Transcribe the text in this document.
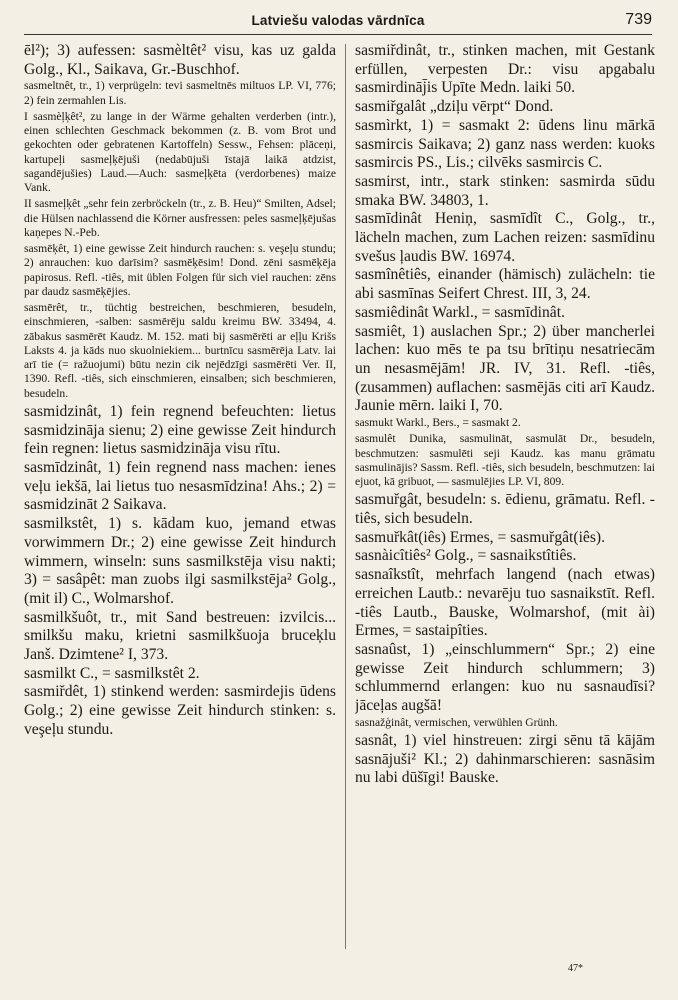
Latviešu valodas vārdnīca	739

ēl²); 3) aufessen: sasmèltêt² visu, kas uz galda Golg., Kl., Saikava, Gr.-Buschhof.

sasmeltnêt, tr., 1) verprügeln: tevi sasmeltnēs miltuos LP. VI, 776; 2) fein zermahlen Lis.

I sasmèļķêt², zu lange in der Wärme gehalten verderben (intr.), einen schlechten Geschmack bekommen (z. B. vom Brot und gekochten oder gebratenen Kartoffeln) Sessw., Fehsen: plāceņi, kartupeļi sasmeļķējuši (nedabūjuši īstajā laikā atdzist, sagandējušies) Laud.—Auch: sasmeļķēta (verdorbenes) maize Vank.

II sasmeļķêt „sehr fein zerbröckeln (tr., z. B. Heu)“ Smilten, Adsel; die Hülsen nachlassend die Körner ausfressen: peles sasmeļķējušas kaņepes N.-Peb.

sasmēķêt, 1) eine gewisse Zeit hindurch rauchen: s. veşeļu stundu; 2) anrauchen: kuo darīsim? sasmēķēsim! Dond. zēni sasmēķēja papirosus. Refl. -tiês, mit üblen Folgen für sich viel rauchen: zēns par daudz sasmēķējies.

sasmērêt, tr., tüchtig bestreichen, beschmieren, besudeln, einschmieren, -salben: sasmērēju saldu kreimu BW. 33494, 4. zābakus sasmērēt Kaudz. M. 152. mati bij sasmērēti ar eļļu Krišs Laksts 4. ja kāds nuo skuolniekiem... burtnīcu sasmērēja Latv. lai arī tie (= ražuojumi) būtu nezin cik nejēdzīgi sasmērēti Ver. II, 1390. Refl. -tiês, sich einschmieren, einsalben; sich beschmieren, besudeln.

sasmidzinât, 1) fein regnend befeuchten: lietus sasmidzināja sienu; 2) eine gewisse Zeit hindurch fein regnen: lietus sasmidzināja visu rītu.

sasmīdzinât, 1) fein regnend nass machen: ienes veļu iekšā, lai lietus tuo nesasmīdzina! Ahs.; 2) = sasmidzināt 2 Saikava.

sasmilkstêt, 1) s. kādam kuo, jemand etwas vorwimmern Dr.; 2) eine gewisse Zeit hindurch wimmern, winseln: suns sasmilkstēja visu nakti; 3) = sasâpêt: man zuobs ilgi sasmilkstēja² Golg., (mit il) C., Wolmarshof.

sasmilkšuôt, tr., mit Sand bestreuen: izvilcis... smilkšu maku, krietni sasmilkšuoja bruceķlu Janš. Dzimtene² I, 373.

sasmilkt C., = sasmilkstêt 2.

sasmiřdêt, 1) stinkend werden: sasmirdejis ūdens Golg.; 2) eine gewisse Zeit hindurch stinken: s. veşeļu stundu.

sasmiřdinât, tr., stinken machen, mit Gestank erfüllen, verpesten Dr.: visu apgabalu sasmirdināj̄is Upīte Medn. laiki 50.

sasmiřgalât „dziļu vērpt“ Dond.

sasmìrkt, 1) = sasmakt 2: ūdens linu mārkā sasmircis Saikava; 2) ganz nass werden: kuoks sasmircis PS., Lis.; cilvēks sasmircis C.

sasmirst, intr., stark stinken: sasmirda sūdu smaka BW. 34803, 1.

sasmīdinât Heniņ, sasmīdît C., Golg., tr., lächeln machen, zum Lachen reizen: sasmīdinu svešus ļaudis BW. 16974.

sasmînêtiês, einander (hämisch) zulächeln: tie abi sasmīnas Seifert Chrest. III, 3, 24.

sasmiêdinât Warkl., = sasmīdinât.

sasmiêt, 1) auslachen Spr.; 2) über mancherlei lachen: kuo mēs te pa tsu brītiņu nesatriecām un nesasmējām! JR. IV, 31. Refl. -tiês, (zusammen) auflachen: sasmējās citi arī Kaudz. Jaunie mērn. laiki I, 70.

sasmukt Warkl., Bers., = sasmakt 2.

sasmulêt Dunika, sasmulināt, sasmulāt Dr., besudeln, beschmutzen: sasmulēti seji Kaudz. kas manu grāmatu sasmulinājis? Sassm. Refl. -tiês, sich besudeln, beschmutzen: lai ejuot, kā gribuot, — sasmulējies LP. VI, 809.

sasmuřgât, besudeln: s. ēdienu, grāmatu. Refl. -tiês, sich besudeln.

sasmuřkât(iês) Ermes, = sasmuřgât(iês).

sasnàicîtiês² Golg., = sasnaikstîtiês.

sasnaîkstît, mehrfach langend (nach etwas) erreichen Lautb.: nevarēju tuo sasnaikstīt. Refl. -tiês Lautb., Bauske, Wolmarshof, (mit ài) Ermes, = sastaipîties.

sasnaûst, 1) „einschlummern“ Spr.; 2) eine gewisse Zeit hindurch schlummern; 3) schlummernd erlangen: kuo nu sasnaudīsi? jāceļas augšā!

sasnažģinât, vermischen, verwühlen Grünh.

sasnât, 1) viel hinstreuen: zirgi sēnu tā kājām sasnājuši² Kl.; 2) dahinmarschieren: sasnāsim nu labi dūšīgi! Bauske.

47*
